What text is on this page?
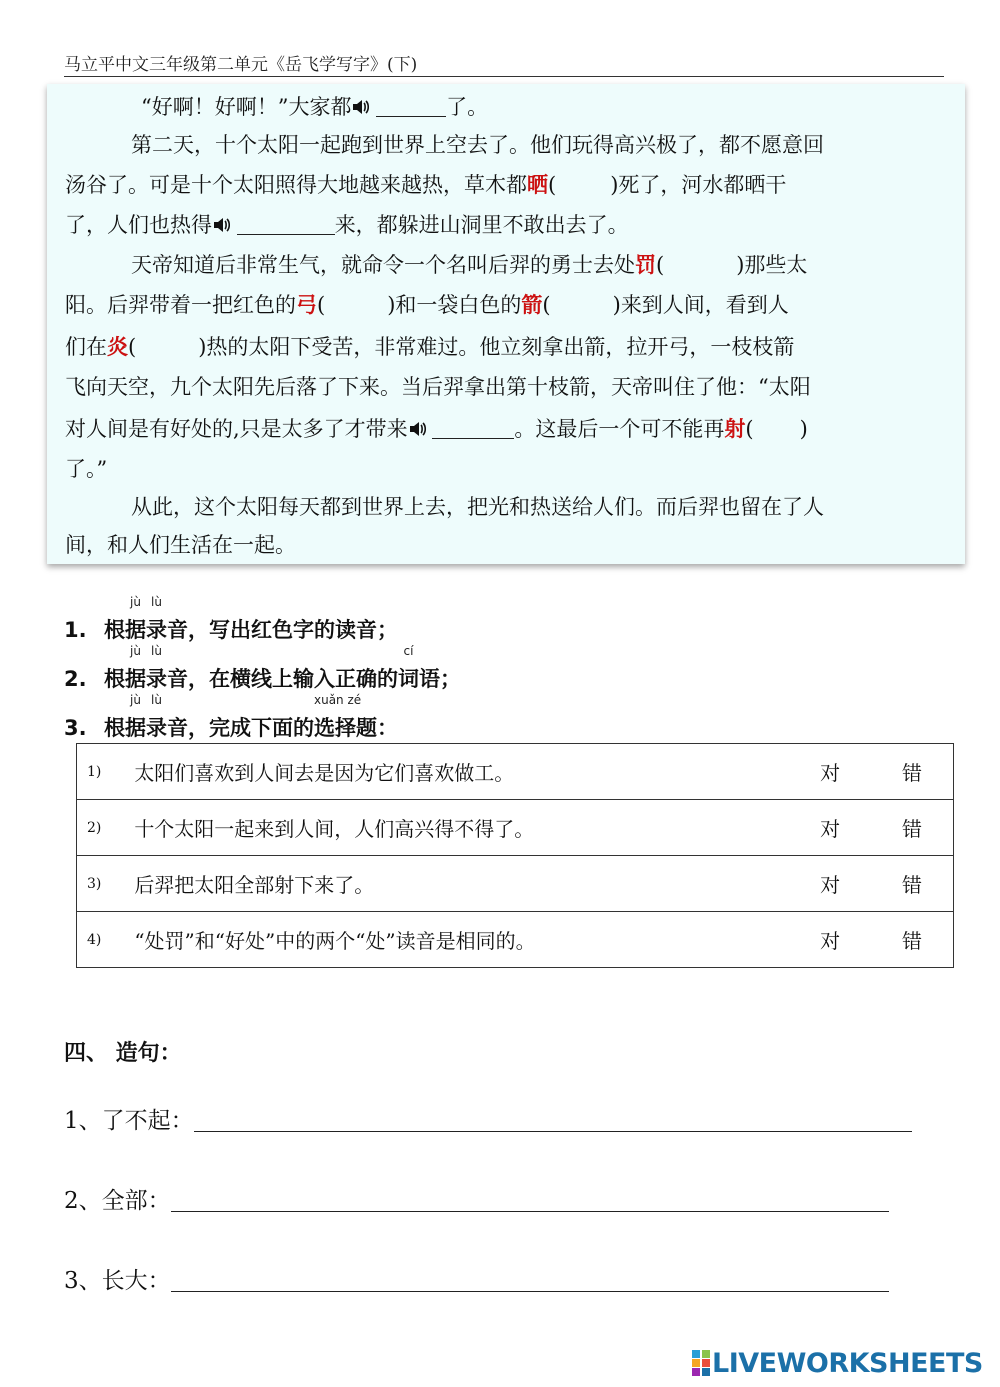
马立平中文三年级第二单元《岳飞学写字》(下)
“好啊！好啊！”大家都	了。
第二天，十个太阳一起跑到世界上空去了。他们玩得高兴极了，都不愿意回
汤谷了。可是十个太阳照得大地越来越热，草木都晒(	)死了，河水都晒干
了，人们也热得	来，都躲进山洞里不敢出去了。
天帝知道后非常生气，就命令一个名叫后羿的勇士去处罚(	)那些太
阳。后羿带着一把红色的弓(	)和一袋白色的箭(	)来到人间，看到人
们在炎(	)热的太阳下受苦，非常难过。他立刻拿出箭，拉开弓，一枝枝箭
飞向天空，九个太阳先后落了下来。当后羿拿出第十枝箭，天帝叫住了他：“太阳
对人间是有好处的,只是太多了才带来	。这最后一个可不能再射( )
了。”
从此，这个太阳每天都到世界上去，把光和热送给人们。而后羿也留在了人
间，和人们生活在一起。
1. 根
jù
据
lù
录音，写出红色字的读音；
2. 根
jù
据
lù
录音，在横线上输入正确的
cí
词语；
3. 根
jù
据
lù
录音，完成下面的
xuǎn zé
选择题：
1)	太阳们喜欢到人间去是因为它们喜欢做工。	对	错
2)	十个太阳一起来到人间，人们高兴得不得了。	对	错
3)	后羿把太阳全部射下来了。	对	错
4)	“处罚”和“好处”中的两个“处”读音是相同的。	对	错
四、 造句：
1、了不起：
2、全部：
3、长大：
LIVEWORKSHEETS
